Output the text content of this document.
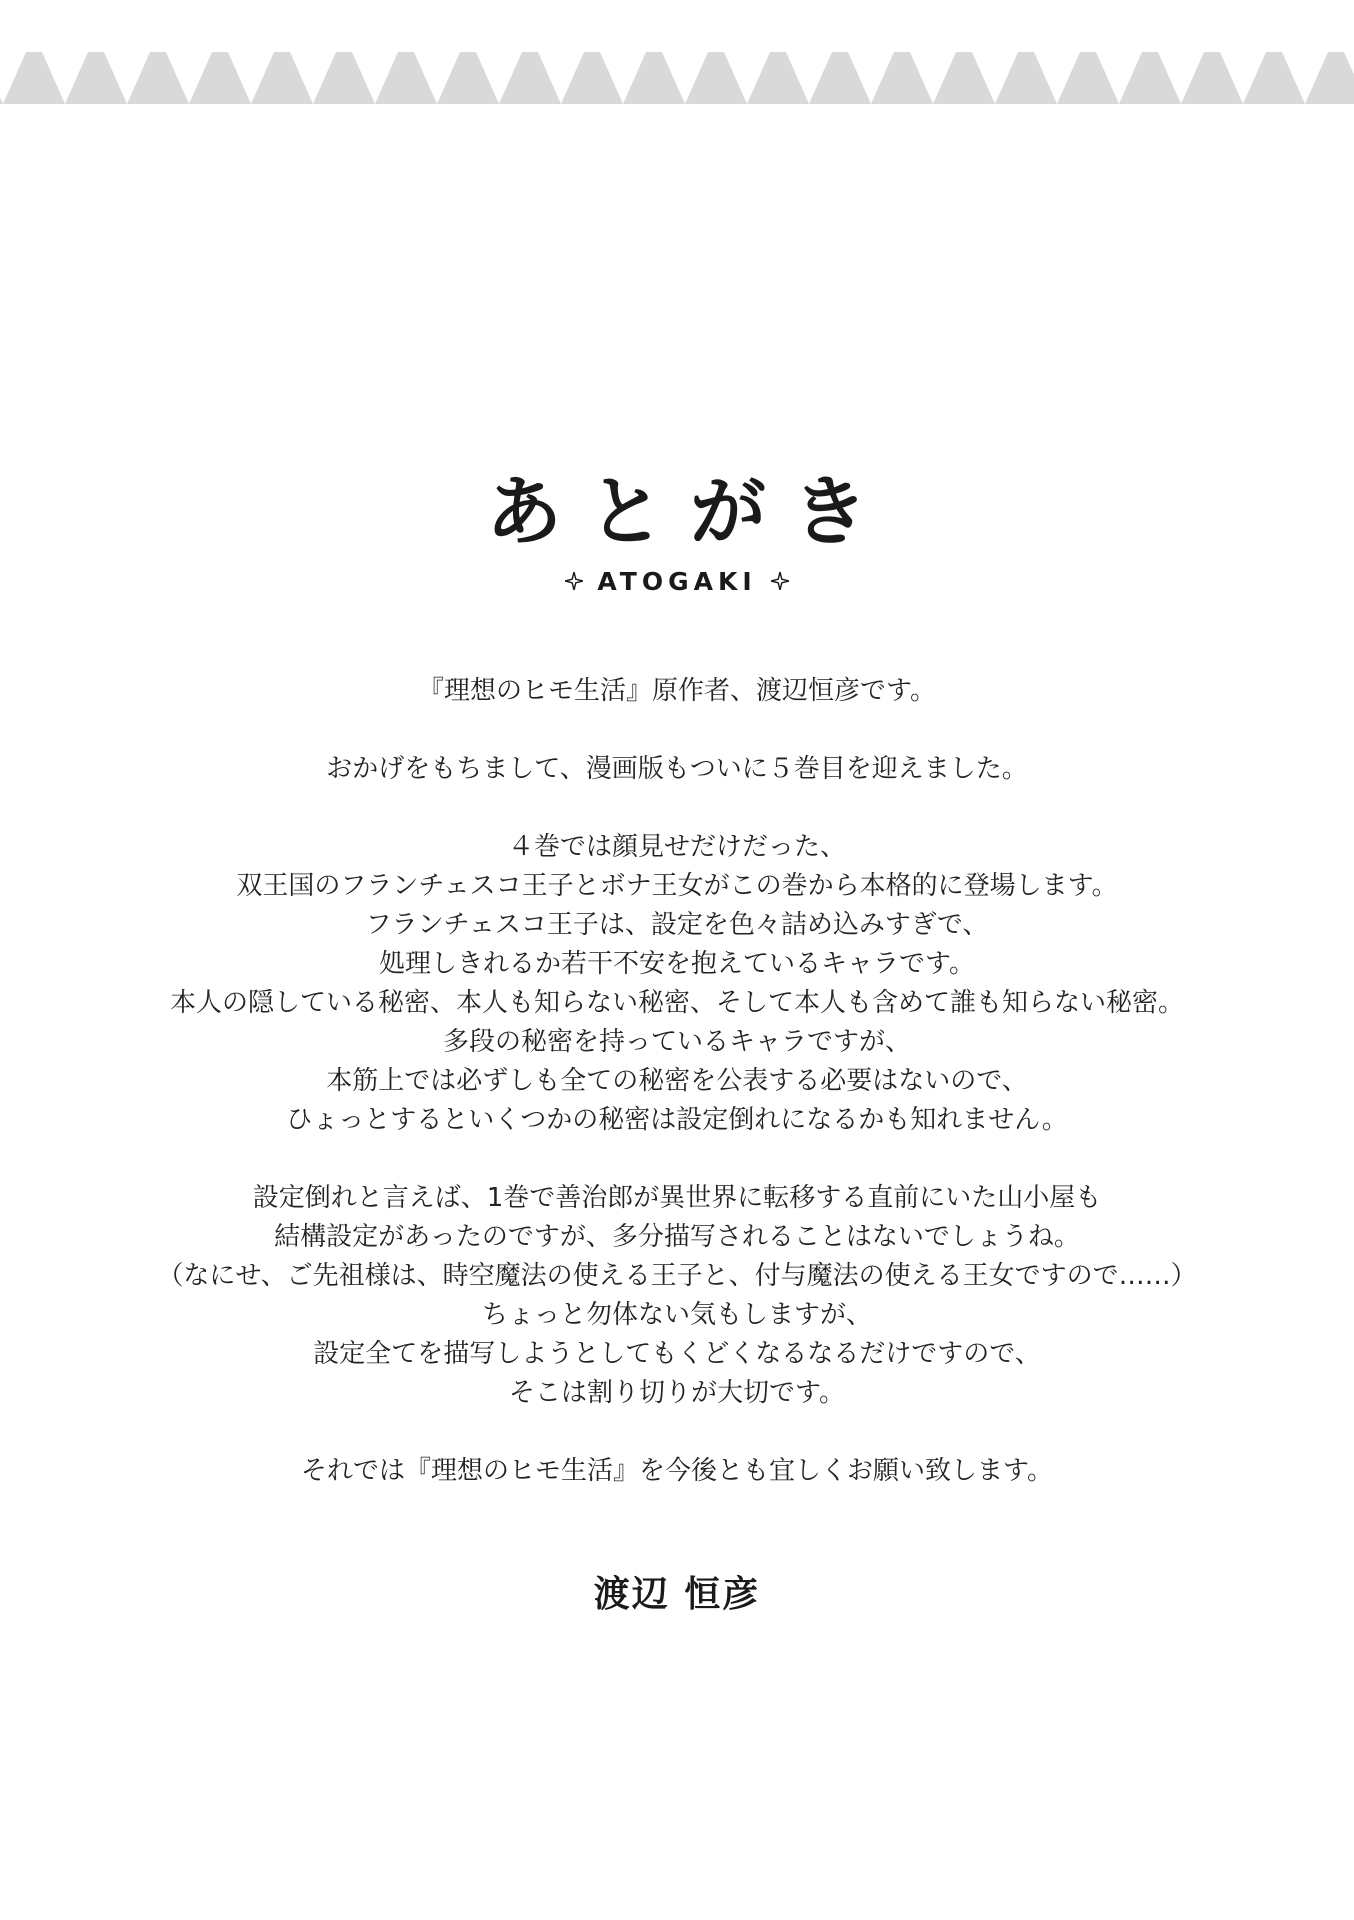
あとがき
ATOGAKI
『理想のヒモ生活』原作者、渡辺恒彦です。
おかげをもちまして、漫画版もついに５巻目を迎えました。
４巻では顔見せだけだった、
双王国のフランチェスコ王子とボナ王女がこの巻から本格的に登場します。
フランチェスコ王子は、設定を色々詰め込みすぎで、
処理しきれるか若干不安を抱えているキャラです。
本人の隠している秘密、本人も知らない秘密、そして本人も含めて誰も知らない秘密。
多段の秘密を持っているキャラですが、
本筋上では必ずしも全ての秘密を公表する必要はないので、
ひょっとするといくつかの秘密は設定倒れになるかも知れません。
設定倒れと言えば、1巻で善治郎が異世界に転移する直前にいた山小屋も
結構設定があったのですが、多分描写されることはないでしょうね。
（なにせ、ご先祖様は、時空魔法の使える王子と、付与魔法の使える王女ですので……）
ちょっと勿体ない気もしますが、
設定全てを描写しようとしてもくどくなるなるだけですので、
そこは割り切りが大切です。
それでは『理想のヒモ生活』を今後とも宜しくお願い致します。
渡辺 恒彦
